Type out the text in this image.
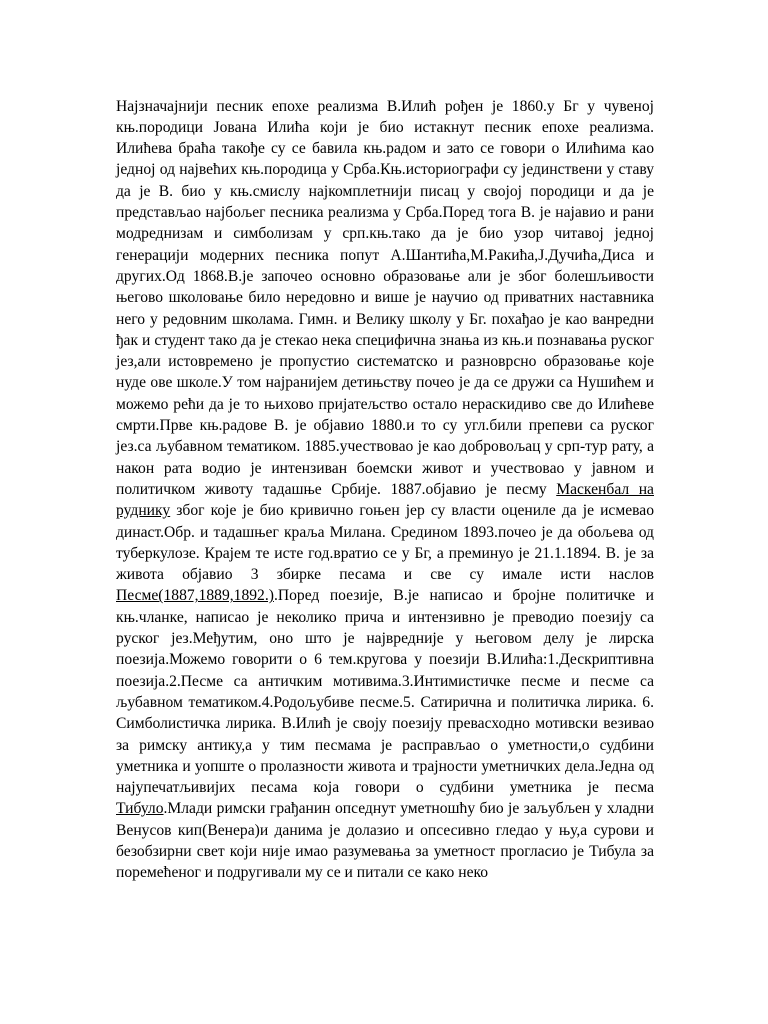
Најзначајнији песник епохе реализма В.Илић рођен је 1860.у Бг у чувеној књ.породици Јована Илића који је био истакнут песник епохе реализма. Илићева браћа такође су се бавила књ.радом и зато се говори о Илићима као једној од највећих књ.породица у Срба.Књ.историографи су јединствени у ставу да је В. био у књ.смислу најкомплетнији писац у својој породици и да је представљао најбољег песника реализма у Срба.Поред тога В. је најавио и рани модреднизам и симболизам у срп.књ.тако да је био узор читавој једној генерацији модерних песника попут А.Шантића,М.Ракића,Ј.Дучића,Диса и других.Од 1868.В.је започео основно образовање али је због болешљивости његово школовање било нередовно и више је научио од приватних наставника него у редовним школама. Гимн. и Велику школу у Бг. похађао је као ванредни ђак и студент тако да је стекао нека специфична знања из књ.и познавања руског јез,али истовремено је пропустио систематско и разноврсно образовање које нуде ове школе.У том најранијем детињству почео је да се дружи са Нушићем и можемо рећи да је то њихово пријатељство остало нераскидиво све до Илићеве смрти.Прве књ.радове В. је објавио 1880.и то су угл.били препеви са руског јез.са љубавном тематиком. 1885.учествовао је као добровољац у срп-тур рату, а након рата водио је интензиван боемски живот и учествовао у јавном и политичком животу тадашње Србије. 1887.објавио је песму Маскенбал на руднику због које је био кривично гоњен јер су власти оцениле да је исмевао династ.Обр. и тадашњег краља Милана. Средином 1893.почео је да обољева од туберкулозе. Крајем те исте год.вратио се у Бг, а преминуо је 21.1.1894. В. је за живота објавио 3 збирке песама и све су имале исти наслов Песме(1887,1889,1892.).Поред поезије, В.је написао и бројне политичке и књ.чланке, написао је неколико прича и интензивно је преводио поезију са руског јез.Међутим, оно што је највредније у његовом делу је лирска поезија.Можемо говорити о 6 тем.кругова у поезији В.Илића:1.Дескриптивна поезија.2.Песме са античким мотивима.3.Интимистичке песме и песме са љубавном тематиком.4.Родољубиве песме.5. Сатирична и политичка лирика. 6. Симболистичка лирика. В.Илић је своју поезију превасходно мотивски везивао за римску антику,а у тим песмама је расправљао о уметности,о судбини уметника и уопште о пролазности живота и трајности уметничких дела.Једна од најупечатљивијих песама која говори о судбини уметника је песма Тибуло.Млади римски грађанин опседнут уметношћу био је заљубљен у хладни Венусов кип(Венера)и данима је долазио и опсесивно гледао у њу,а сурови и безобзирни свет који није имао разумевања за уметност прогласио је Тибула за поремећеног и подругивали му се и питали се како неко
